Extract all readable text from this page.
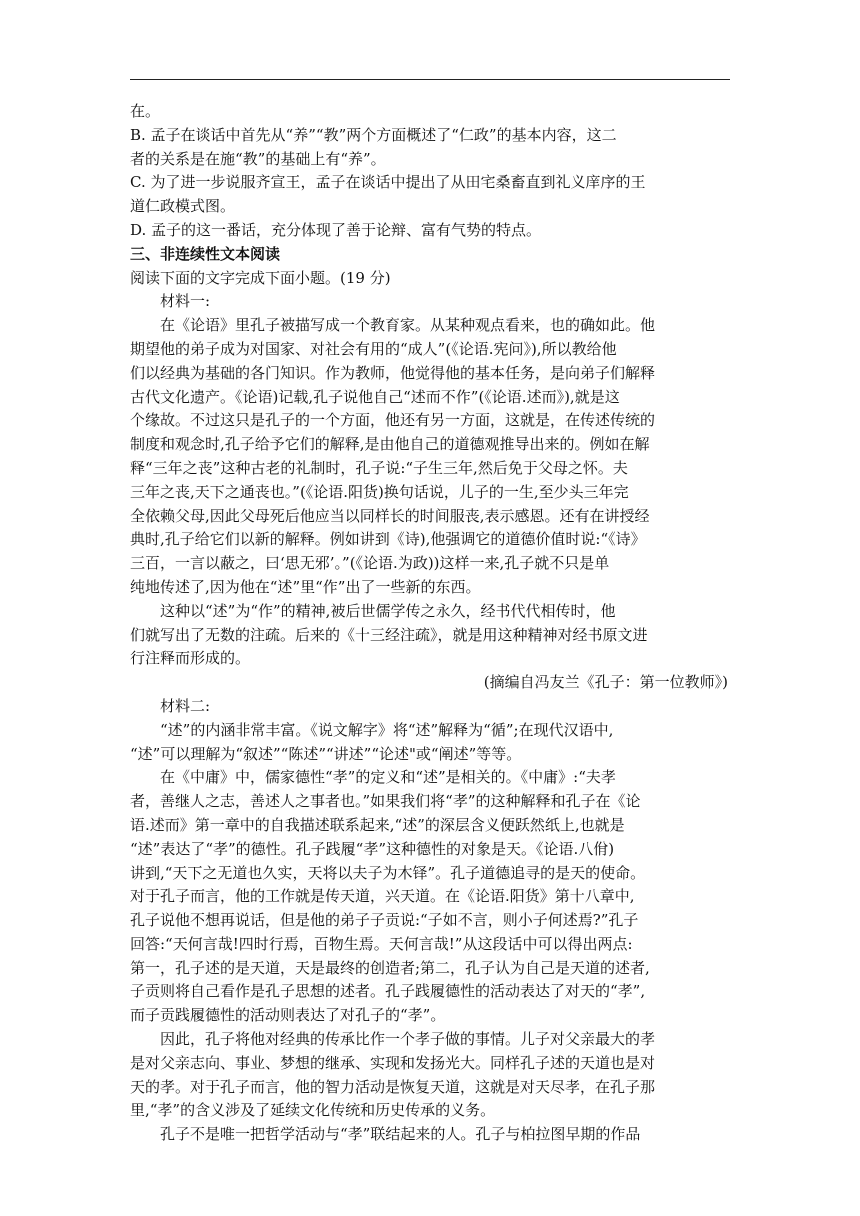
在。
B. 孟子在谈话中首先从“养”“教”两个方面概述了“仁政”的基本内容，这二
者的关系是在施“教”的基础上有“养”。
C. 为了进一步说服齐宣王，孟子在谈话中提出了从田宅桑畜直到礼义庠序的王
道仁政模式图。
D. 孟子的这一番话，充分体现了善于论辩、富有气势的特点。
三、非连续性文本阅读
阅读下面的文字完成下面小题。(19 分)
材料一:
在《论语》里孔子被描写成一个教育家。从某种观点看来，也的确如此。他
期望他的弟子成为对国家、对社会有用的“成人”(《论语.宪问》),所以教给他
们以经典为基础的各门知识。作为教师，他觉得他的基本任务，是向弟子们解释
古代文化遗产。《论语)记载,孔子说他自己“述而不作”(《论语.述而》),就是这
个缘故。不过这只是孔子的一个方面，他还有另一方面，这就是，在传述传统的
制度和观念时,孔子给予它们的解释,是由他自己的道德观推导出来的。例如在解
释“三年之丧”这种古老的礼制时，孔子说:“子生三年,然后免于父母之怀。夫
三年之丧,天下之通丧也。”(《论语.阳货)换句话说，儿子的一生,至少头三年完
全依赖父母,因此父母死后他应当以同样长的时间服丧,表示感恩。还有在讲授经
典时,孔子给它们以新的解释。例如讲到《诗),他强调它的道德价值时说:“《诗》
三百，一言以蔽之，曰‘思无邪’。”(《论语.为政))这样一来,孔子就不只是单
纯地传述了,因为他在“述”里“作”出了一些新的东西。
这种以“述”为“作”的精神,被后世儒学传之永久，经书代代相传时，他
们就写出了无数的注疏。后来的《十三经注疏》，就是用这种精神对经书原文进
行注释而形成的。
(摘编自冯友兰《孔子：第一位教师》)
材料二:
“述”的内涵非常丰富。《说文解字》将“述”解释为“循”;在现代汉语中,
“述”可以理解为“叙述”“陈述”“讲述”“论述"或“阐述”等等。
在《中庸》中，儒家德性“孝”的定义和“述”是相关的。《中庸》:“夫孝
者，善继人之志，善述人之事者也。”如果我们将“孝”的这种解释和孔子在《论
语.述而》第一章中的自我描述联系起来,“述”的深层含义便跃然纸上,也就是
“述”表达了“孝”的德性。孔子践履“孝”这种德性的对象是天。《论语.八佾)
讲到,“天下之无道也久实，天将以夫子为木铎”。孔子道德追寻的是天的使命。
对于孔子而言，他的工作就是传天道，兴天道。在《论语.阳货》第十八章中,
孔子说他不想再说话，但是他的弟子子贡说:“子如不言，则小子何述焉?”孔子
回答:“天何言哉!四时行焉，百物生焉。天何言哉!”从这段话中可以得出两点:
第一，孔子述的是天道，天是最终的创造者;第二，孔子认为自己是天道的述者,
子贡则将自己看作是孔子思想的述者。孔子践履德性的活动表达了对天的“孝”,
而子贡践履德性的活动则表达了对孔子的“孝”。
因此，孔子将他对经典的传承比作一个孝子做的事情。儿子对父亲最大的孝
是对父亲志向、事业、梦想的继承、实现和发扬光大。同样孔子述的天道也是对
天的孝。对于孔子而言，他的智力活动是恢复天道，这就是对天尽孝，在孔子那
里,“孝”的含义涉及了延续文化传统和历史传承的义务。
孔子不是唯一把哲学活动与“孝”联结起来的人。孔子与柏拉图早期的作品
